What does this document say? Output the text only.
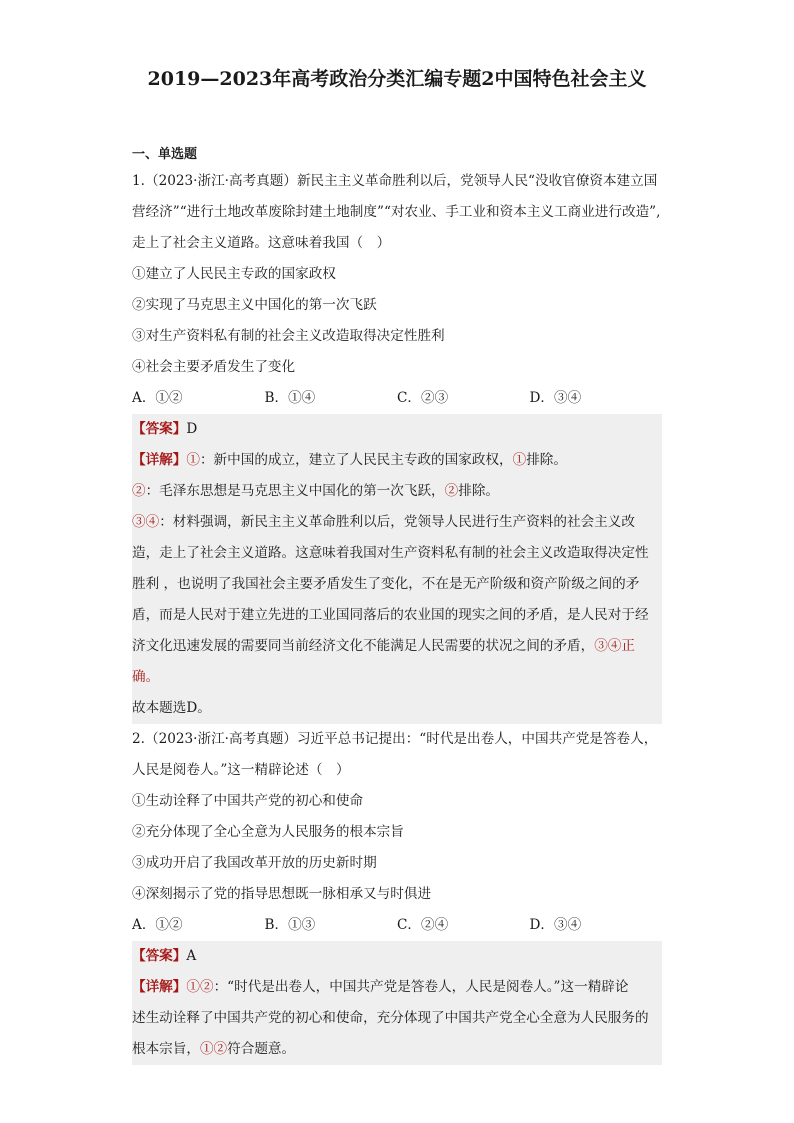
2019—2023年高考政治分类汇编专题2中国特色社会主义
一、单选题
1.（2023·浙江·高考真题）新民主主义革命胜利以后，党领导人民“没收官僚资本建立国
营经济”“进行土地改革废除封建土地制度”“对农业、手工业和资本主义工商业进行改造”,
走上了社会主义道路。这意味着我国（　）
①建立了人民民主专政的国家政权
②实现了马克思主义中国化的第一次飞跃
③对生产资料私有制的社会主义改造取得决定性胜利
④社会主要矛盾发生了变化
A．①②	B．①④	C．②③	D．③④
【答案】D
【详解】①：新中国的成立，建立了人民民主专政的国家政权，①排除。
②：毛泽东思想是马克思主义中国化的第一次飞跃，②排除。
③④：材料强调，新民主主义革命胜利以后，党领导人民进行生产资料的社会主义改
造，走上了社会主义道路。这意味着我国对生产资料私有制的社会主义改造取得决定性
胜利 ，也说明了我国社会主要矛盾发生了变化，不在是无产阶级和资产阶级之间的矛
盾，而是人民对于建立先进的工业国同落后的农业国的现实之间的矛盾，是人民对于经
济文化迅速发展的需要同当前经济文化不能满足人民需要的状况之间的矛盾，③④正
确。
故本题选D。
2.（2023·浙江·高考真题）习近平总书记提出：“时代是出卷人，中国共产党是答卷人，
人民是阅卷人。”这一精辟论述（　）
①生动诠释了中国共产党的初心和使命
②充分体现了全心全意为人民服务的根本宗旨
③成功开启了我国改革开放的历史新时期
④深刻揭示了党的指导思想既一脉相承又与时俱进
A．①②	B．①③	C．②④	D．③④
【答案】A
【详解】①②：“时代是出卷人，中国共产党是答卷人，人民是阅卷人。”这一精辟论
述生动诠释了中国共产党的初心和使命，充分体现了中国共产党全心全意为人民服务的
根本宗旨，①②符合题意。
